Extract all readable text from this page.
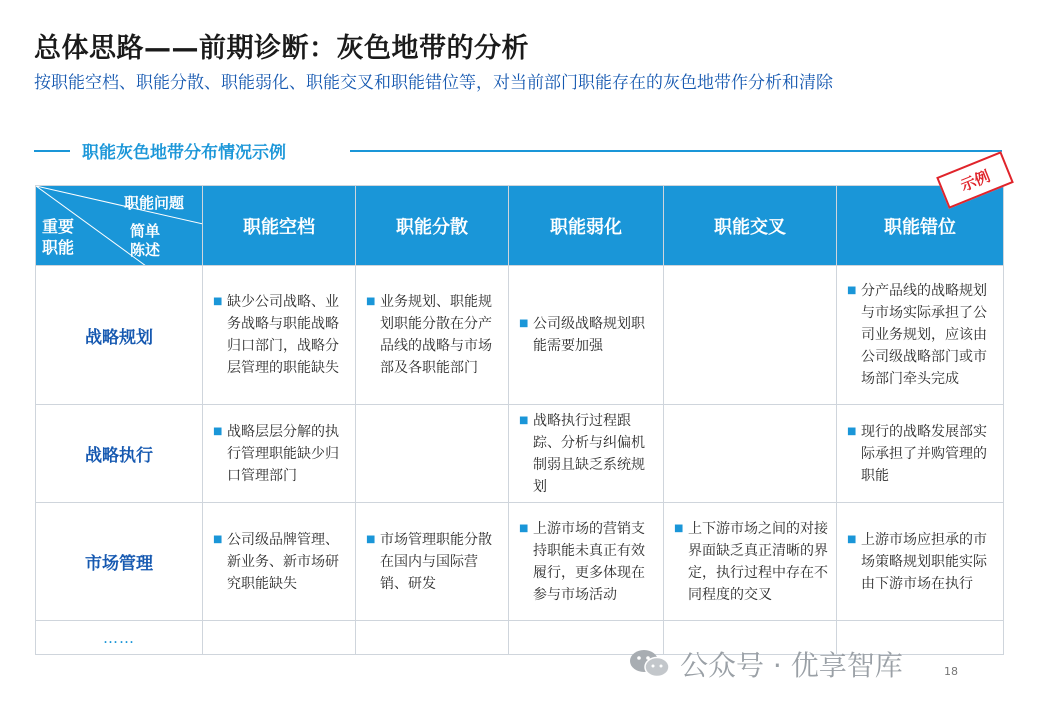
总体思路——前期诊断：灰色地带的分析
按职能空档、职能分散、职能弱化、职能交叉和职能错位等，对当前部门职能存在的灰色地带作分析和清除
职能灰色地带分布情况示例
示例
职能问题
简单
陈述
重要
职能	职能空档	职能分散	职能弱化	职能交叉	职能错位
战略规划	■ 缺少公司战略、业务战略与职能战略归口部门，战略分层管理的职能缺失	■ 业务规划、职能规划职能分散在分产品线的战略与市场部及各职能部门	■ 公司级战略规划职能需要加强		■ 分产品线的战略规划与市场实际承担了公司业务规划，应该由公司级战略部门或市场部门牵头完成

战略执行	■ 战略层层分解的执行管理职能缺少归口管理部门		■ 战略执行过程跟踪、分析与纠偏机制弱且缺乏系统规划		■ 现行的战略发展部实际承担了并购管理的职能

市场管理	■ 公司级品牌管理、新业务、新市场研究职能缺失	■ 市场管理职能分散在国内与国际营销、研发	■ 上游市场的营销支持职能未真正有效履行，更多体现在参与市场活动	■ 上下游市场之间的对接界面缺乏真正清晰的界定，执行过程中存在不同程度的交叉	■ 上游市场应担承的市场策略规划职能实际由下游市场在执行

……					
公众号 · 优享智库	18
